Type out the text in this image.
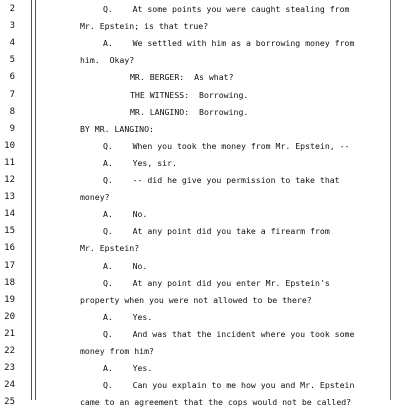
2	Q.    At some points you were caught stealing from
3	Mr. Epstein; is that true?
4	A.    We settled with him as a borrowing money from
5	him.  Okay?
6	MR. BERGER:  As what?
7	THE WITNESS:  Borrowing.
8	MR. LANGINO:  Borrowing.
9	BY MR. LANGINO:
10	Q.    When you took the money from Mr. Epstein, --
11	A.    Yes, sir.
12	Q.    -- did he give you permission to take that
13	money?
14	A.    No.
15	Q.    At any point did you take a firearm from
16	Mr. Epstein?
17	A.    No.
18	Q.    At any point did you enter Mr. Epstein's
19	property when you were not allowed to be there?
20	A.    Yes.
21	Q.    And was that the incident where you took some
22	money from him?
23	A.    Yes.
24	Q.    Can you explain to me how you and Mr. Epstein
25	came to an agreement that the cops would not be called?
